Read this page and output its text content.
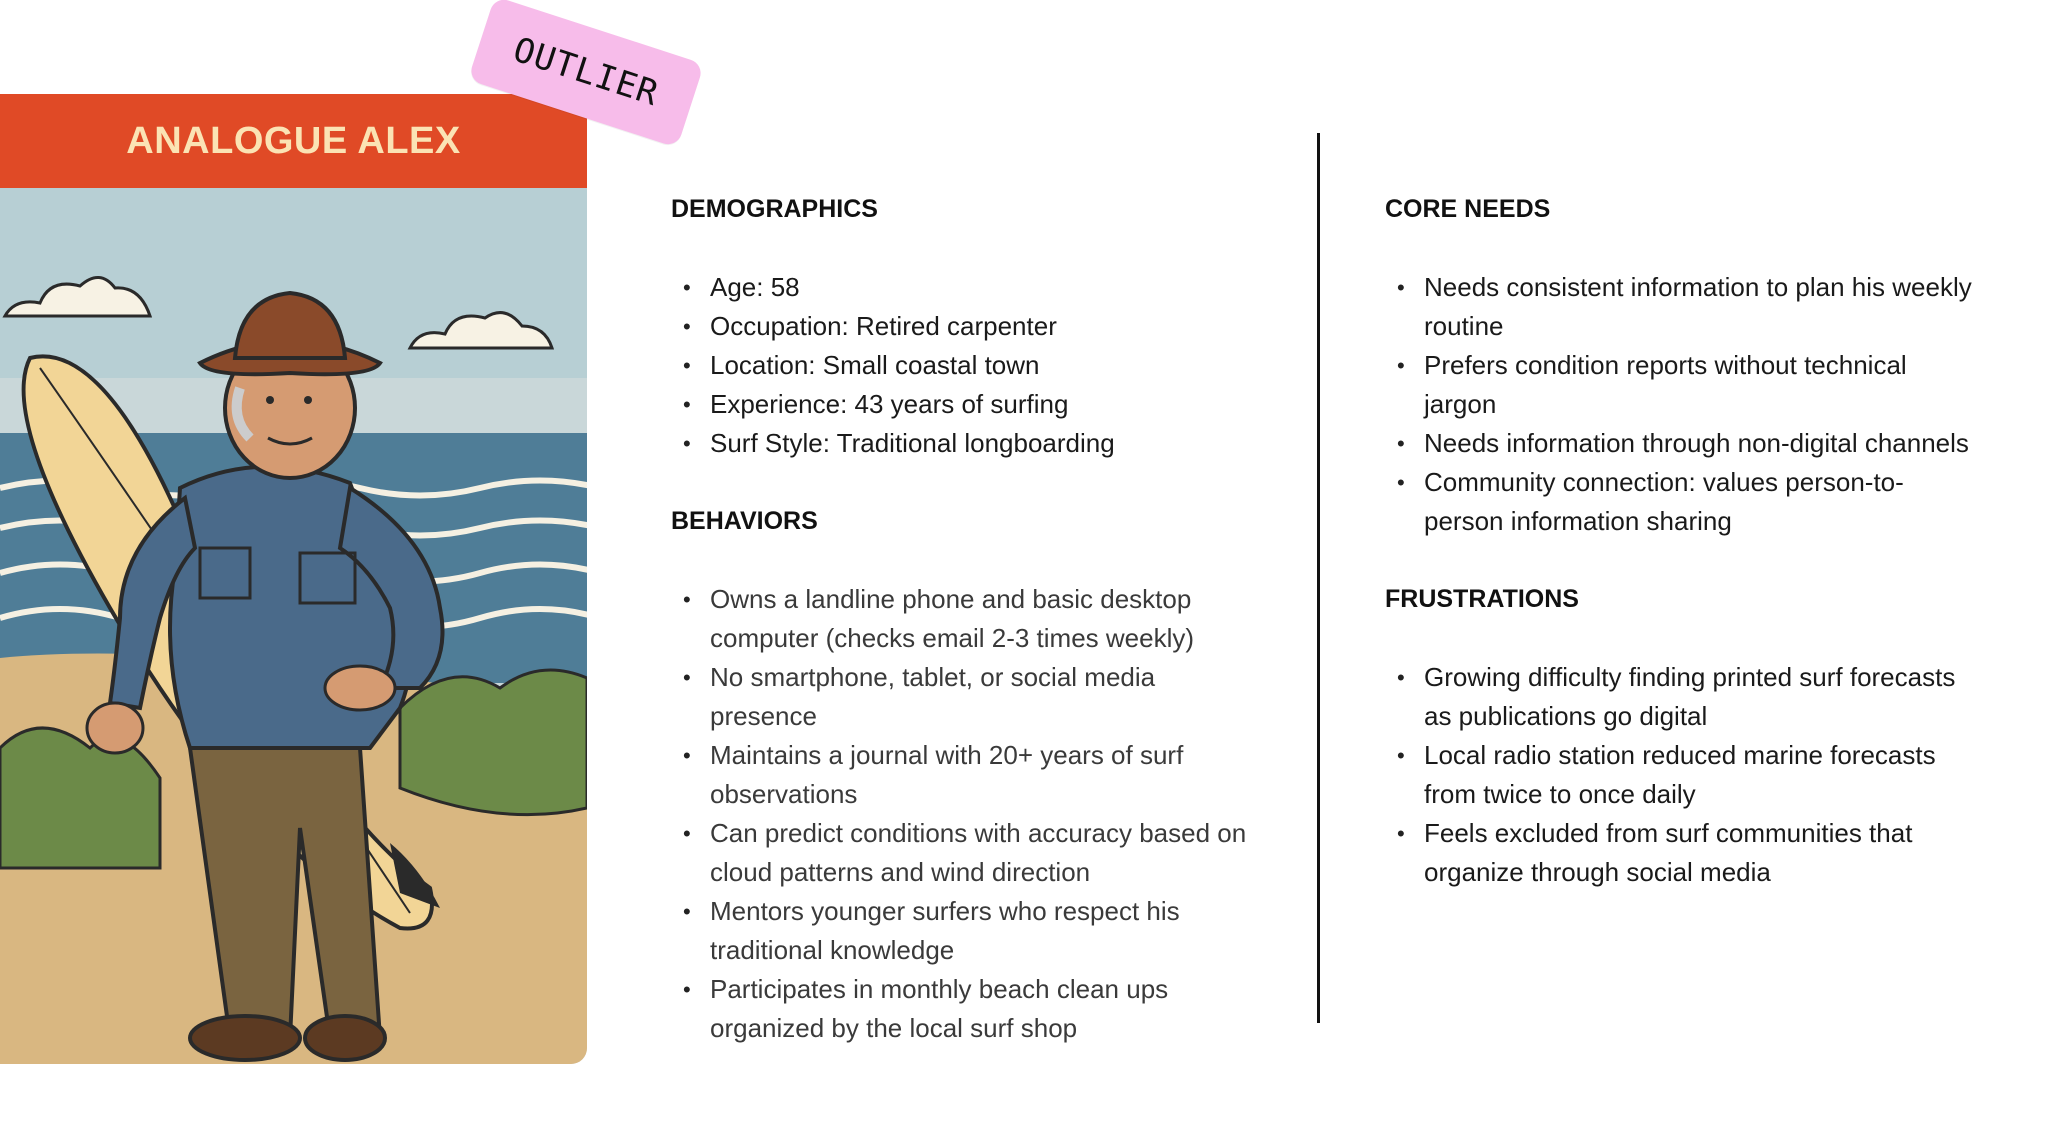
ANALOGUE ALEX
OUTLIER
DEMOGRAPHICS
• Age: 58
• Occupation: Retired carpenter
• Location: Small coastal town
• Experience: 43 years of surfing
• Surf Style: Traditional longboarding
BEHAVIORS
• Owns a landline phone and basic desktop
computer (checks email 2-3 times weekly)
• No smartphone, tablet, or social media
presence
• Maintains a journal with 20+ years of surf
observations
• Can predict conditions with accuracy based on
cloud patterns and wind direction
• Mentors younger surfers who respect his
traditional knowledge
• Participates in monthly beach clean ups
organized by the local surf shop
CORE NEEDS
• Needs consistent information to plan his weekly
routine
• Prefers condition reports without technical
jargon
• Needs information through non-digital channels
• Community connection: values person-to-
person information sharing
FRUSTRATIONS
• Growing difficulty finding printed surf forecasts
as publications go digital
• Local radio station reduced marine forecasts
from twice to once daily
• Feels excluded from surf communities that
organize through social media
